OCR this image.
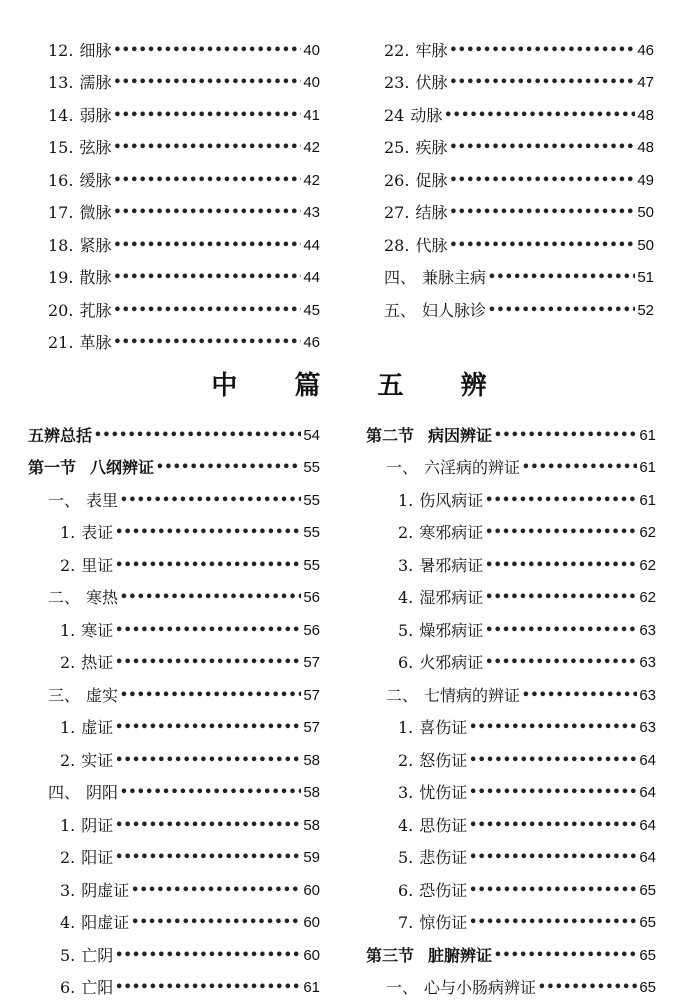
12. 细脉 •••••	40
13. 濡脉 •••••	40
14. 弱脉 •••••	41
15. 弦脉 •••••	42
16. 缓脉 •••••	42
17. 微脉 •••••	43
18. 紧脉 •••••	44
19. 散脉 •••••	44
20. 芤脉 •••••	45
21. 革脉 •••••	46
22. 牢脉 •••••	46
23. 伏脉 •••••	47
24 动脉 •••••	48
25. 疾脉 •••••	48
26. 促脉 •••••	49
27. 结脉 •••••	50
28. 代脉 •••••	50
四、 兼脉主病 •••••	51
五、 妇人脉诊 •••••	52
中 篇 五 辨
五辨总括 •••••	54
第一节 八纲辨证 •••••	55
一、 表里 •••••	55
1. 表证 •••••	55
2. 里证 •••••	55
二、 寒热 •••••	56
1. 寒证 •••••	56
2. 热证 •••••	57
三、 虚实 •••••	57
1. 虚证 •••••	57
2. 实证 •••••	58
四、 阴阳 •••••	58
1. 阴证 •••••	58
2. 阳证 •••••	59
3. 阴虚证 •••••	60
4. 阳虚证 •••••	60
5. 亡阴 •••••	60
6. 亡阳 •••••	61
第二节 病因辨证 •••••	61
一、 六淫病的辨证 •••••	61
1. 伤风病证 •••••	61
2. 寒邪病证 •••••	62
3. 暑邪病证 •••••	62
4. 湿邪病证 •••••	62
5. 燥邪病证 •••••	63
6. 火邪病证 •••••	63
二、 七情病的辨证 •••••	63
1. 喜伤证 •••••	63
2. 怒伤证 •••••	64
3. 忧伤证 •••••	64
4. 思伤证 •••••	64
5. 悲伤证 •••••	64
6. 恐伤证 •••••	65
7. 惊伤证 •••••	65
第三节 脏腑辨证 •••••	65
一、 心与小肠病辨证 •••••	65
